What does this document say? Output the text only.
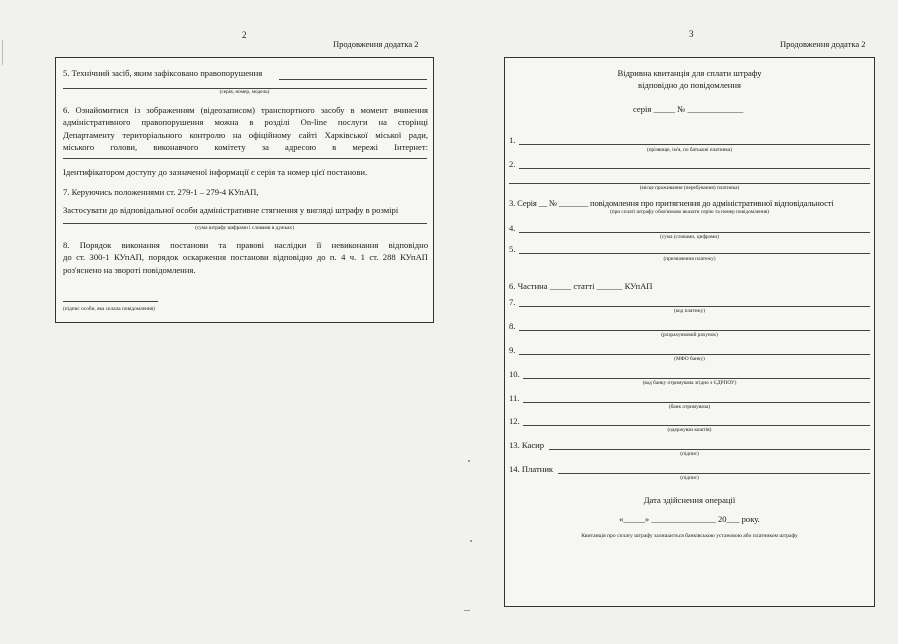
2
Продовження додатка 2
5. Технічний засіб, яким зафіксовано правопорушення
(серія, номер, модель)
6. Ознайомитися із зображенням (відеозаписом) транспортного засобу в момент вчинення
адміністративного правопорушення можна в розділі On-line послуги на сторінці
Департаменту територіального контролю на офіційному сайті Харківської міської ради,
міського голови, виконавчого комітету за адресою в мережі Інтернет:
Ідентифікатором доступу до зазначеної інформації є серія та номер цієї постанови.
7. Керуючись положеннями ст. 279-1 – 279-4 КУпАП,
Застосувати до відповідальної особи адміністративне стягнення у вигляді штрафу в розмірі
(сума штрафу цифрами і словами в дужках)
8. Порядок виконання постанови та правові наслідки її невиконання відповідно
до ст. 300-1 КУпАП, порядок оскарження постанови відповідно до п. 4 ч. 1 ст. 288 КУпАП
роз'яснено на звороті повідомлення.
(підпис особи, яка склала повідомлення)
3
Продовження додатка 2
Відривна квитанція для сплати штрафу
відповідно до повідомлення
серія _____ № _____________
1.
(прізвище, ім'я, по батькові платника)
2.
(місце проживання (перебування) платника)
3. Серія __ № _______ повідомлення про притягнення до адміністративної відповідальності
(при сплаті штрафу обов'язково вказати серію та номер повідомлення)
4.
(сума (словами, цифрами)
5.
(призначення платежу)
6. Частина _____ статті ______ КУпАП
7.
(код платежу)
8.
(розрахунковий рахунок)
9.
(МФО банку)
10.
(код банку отримувача згідно з ЄДРПОУ)
11.
(банк отримувача)
12.
(одержувач коштів)
13. Касир
(підпис)
14. Платник
(підпис)
Дата здійснення операції
«_____» _______________ 20___ року.
Квитанція про сплату штрафу залишається банківською установою або платником штрафу
